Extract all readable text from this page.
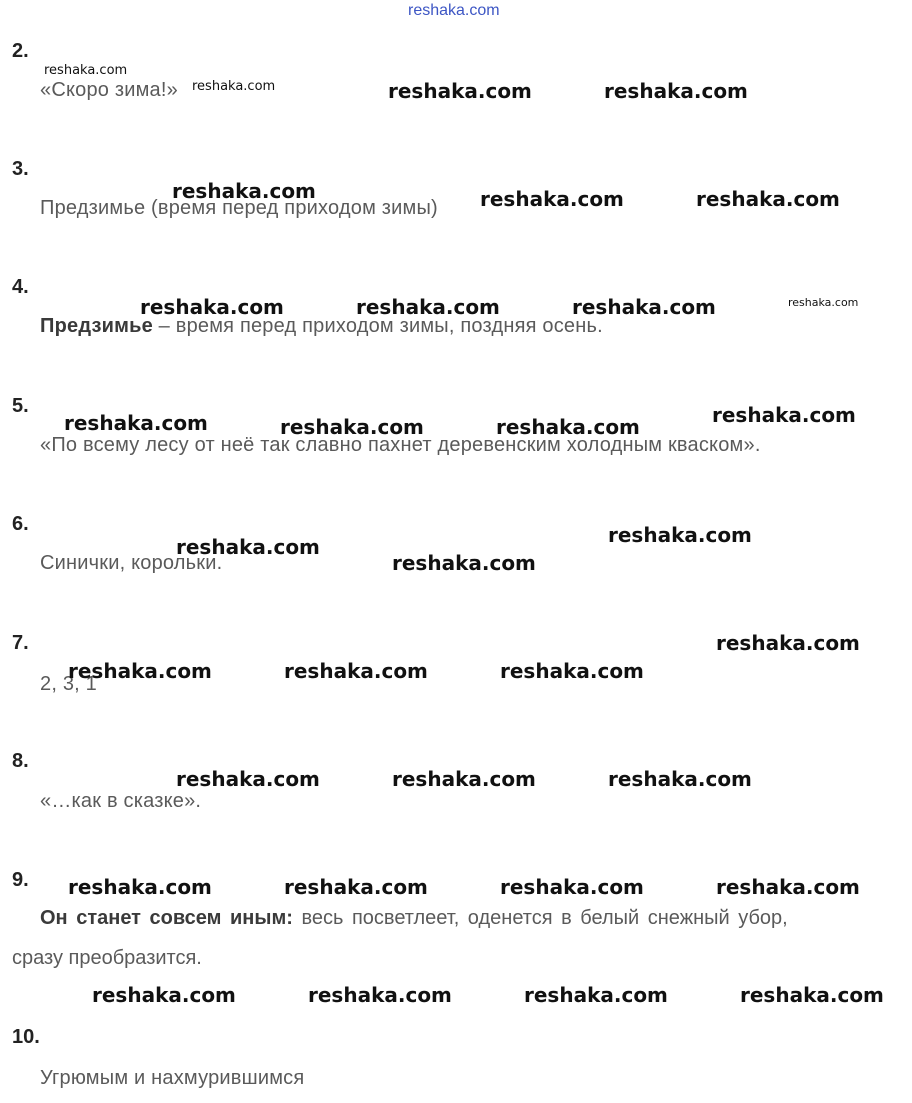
reshaka.com
2.
«Скоро зима!»
3.
Предзимье (время перед приходом зимы)
4.
Предзимье – время перед приходом зимы, поздняя осень.
5.
«По всему лесу от неё так славно пахнет деревенским холодным кваском».
6.
Синички, корольки.
7.
2, 3, 1
8.
«…как в сказке».
9.
Он станет совсем иным: весь посветлеет, оденется в белый снежный убор,
сразу преобразится.
10.
Угрюмым и нахмурившимся
reshaka.com
reshaka.com	reshaka.com	reshaka.com
reshaka.com	reshaka.com	reshaka.com
reshaka.com	reshaka.com	reshaka.com	reshaka.com
reshaka.com	reshaka.com	reshaka.com	reshaka.com
reshaka.com
reshaka.com
reshaka.com
reshaka.com	reshaka.com	reshaka.com
reshaka.com
reshaka.com	reshaka.com	reshaka.com
reshaka.com	reshaka.com	reshaka.com	reshaka.com
reshaka.com	reshaka.com	reshaka.com	reshaka.com
